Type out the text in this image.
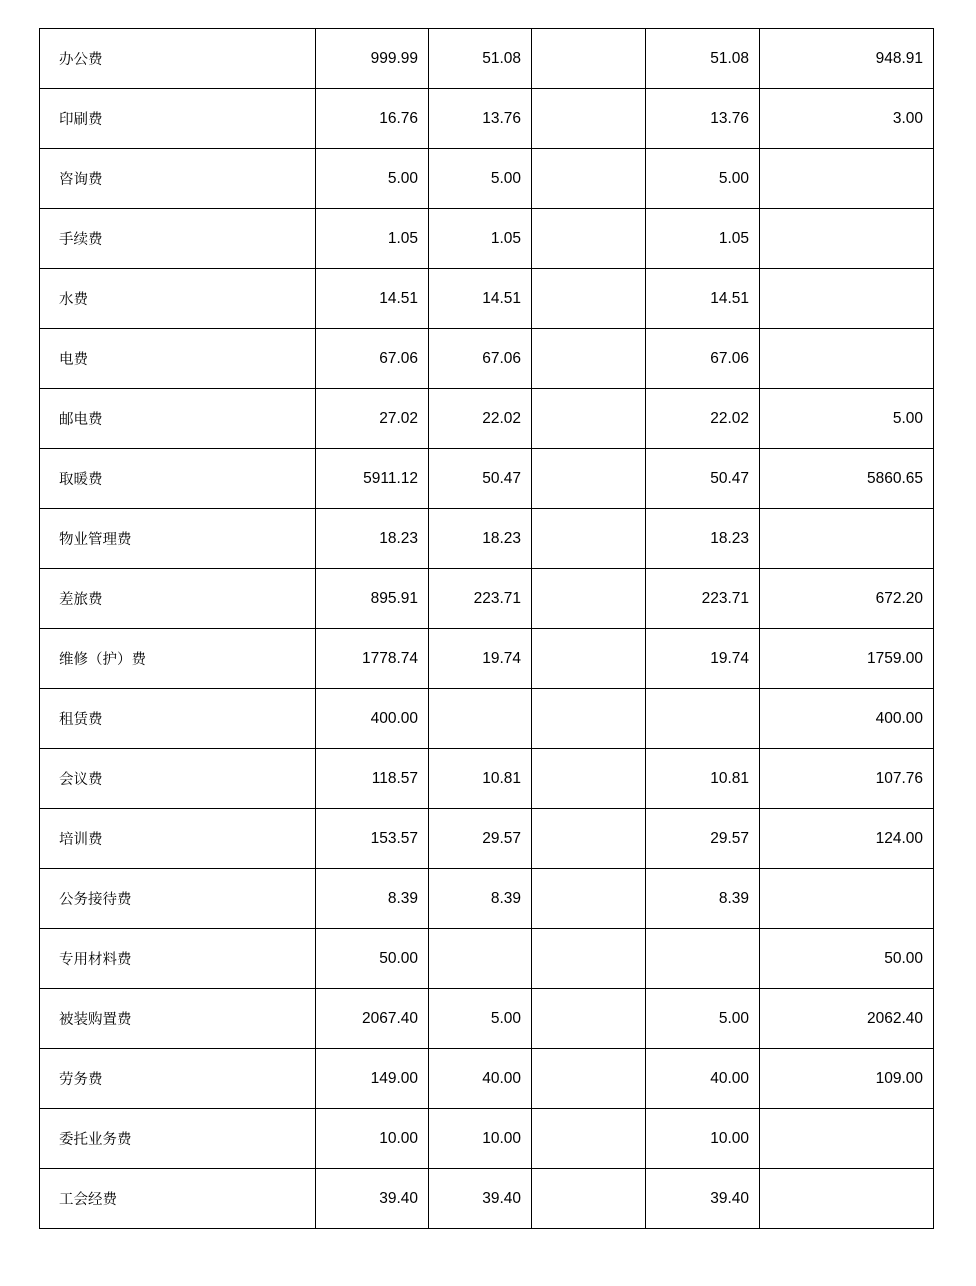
办公费	999.99	51.08		51.08	948.91
印刷费	16.76	13.76		13.76	3.00
咨询费	5.00	5.00		5.00	
手续费	1.05	1.05		1.05	
水费	14.51	14.51		14.51	
电费	67.06	67.06		67.06	
邮电费	27.02	22.02		22.02	5.00
取暖费	5911.12	50.47		50.47	5860.65
物业管理费	18.23	18.23		18.23	
差旅费	895.91	223.71		223.71	672.20
维修（护）费	1778.74	19.74		19.74	1759.00
租赁费	400.00				400.00
会议费	118.57	10.81		10.81	107.76
培训费	153.57	29.57		29.57	124.00
公务接待费	8.39	8.39		8.39	
专用材料费	50.00				50.00
被装购置费	2067.40	5.00		5.00	2062.40
劳务费	149.00	40.00		40.00	109.00
委托业务费	10.00	10.00		10.00	
工会经费	39.40	39.40		39.40	
